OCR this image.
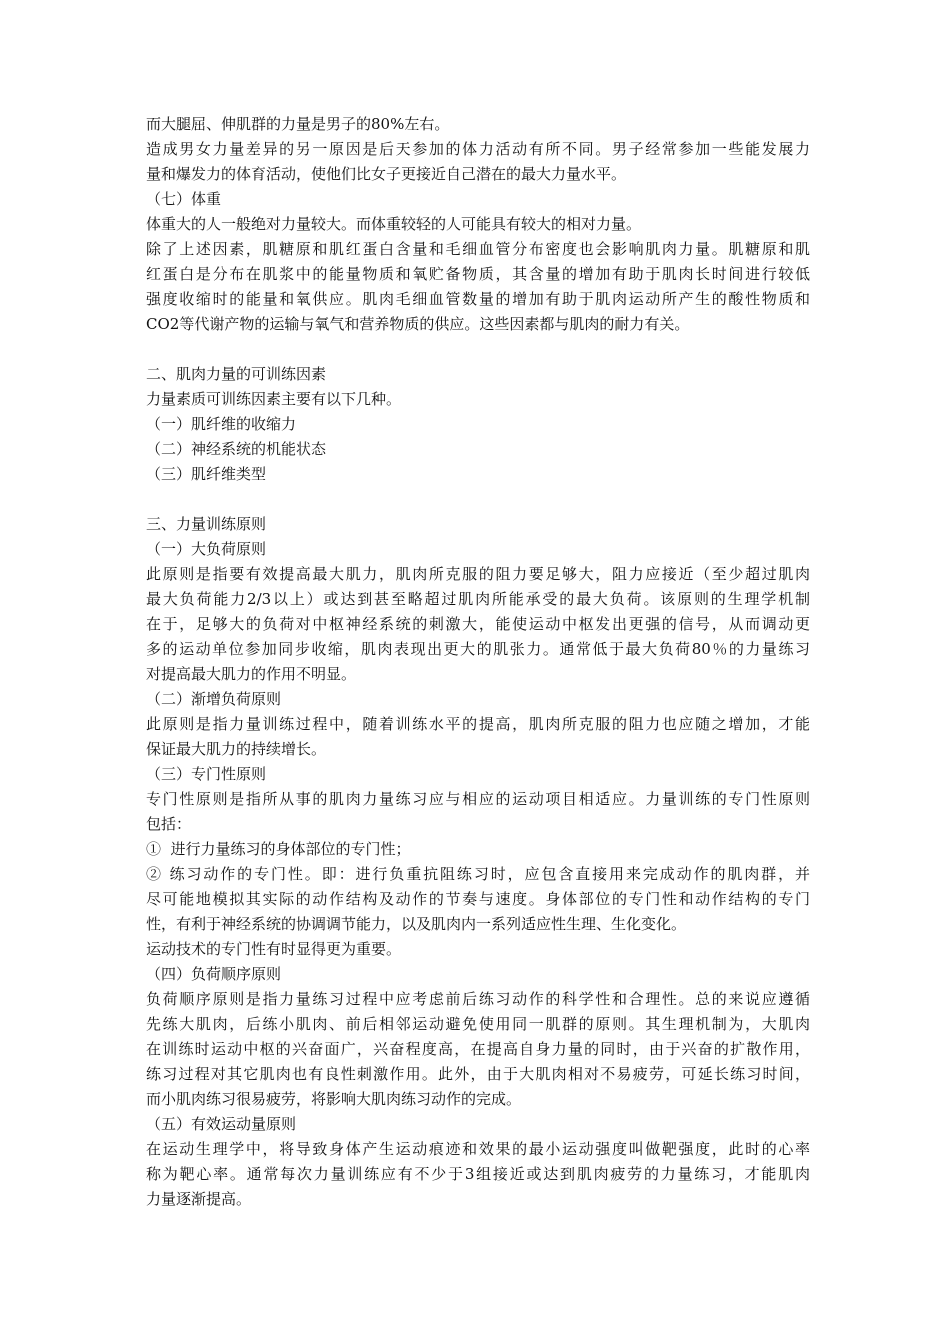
而大腿屈、伸肌群的力量是男子的80%左右。
造成男女力量差异的另一原因是后天参加的体力活动有所不同。男子经常参加一些能发展力
量和爆发力的体育活动，使他们比女子更接近自己潜在的最大力量水平。
（七）体重
体重大的人一般绝对力量较大。而体重较轻的人可能具有较大的相对力量。
除了上述因素，肌糖原和肌红蛋白含量和毛细血管分布密度也会影响肌肉力量。肌糖原和肌
红蛋白是分布在肌浆中的能量物质和氧贮备物质，其含量的增加有助于肌肉长时间进行较低
强度收缩时的能量和氧供应。肌肉毛细血管数量的增加有助于肌肉运动所产生的酸性物质和
CO2等代谢产物的运输与氧气和营养物质的供应。这些因素都与肌肉的耐力有关。
二、肌肉力量的可训练因素
力量素质可训练因素主要有以下几种。
（一）肌纤维的收缩力
（二）神经系统的机能状态
（三）肌纤维类型
三、力量训练原则
（一）大负荷原则
此原则是指要有效提高最大肌力，肌肉所克服的阻力要足够大，阻力应接近（至少超过肌肉
最大负荷能力2/3以上）或达到甚至略超过肌肉所能承受的最大负荷。该原则的生理学机制
在于，足够大的负荷对中枢神经系统的刺激大，能使运动中枢发出更强的信号，从而调动更
多的运动单位参加同步收缩，肌肉表现出更大的肌张力。通常低于最大负荷80％的力量练习
对提高最大肌力的作用不明显。
（二）渐增负荷原则
此原则是指力量训练过程中，随着训练水平的提高，肌肉所克服的阻力也应随之增加，才能
保证最大肌力的持续增长。
（三）专门性原则
专门性原则是指所从事的肌肉力量练习应与相应的运动项目相适应。力量训练的专门性原则
包括：
①  进行力量练习的身体部位的专门性；
② 练习动作的专门性。即：进行负重抗阻练习时，应包含直接用来完成动作的肌肉群，并
尽可能地模拟其实际的动作结构及动作的节奏与速度。身体部位的专门性和动作结构的专门
性，有利于神经系统的协调调节能力，以及肌肉内一系列适应性生理、生化变化。
运动技术的专门性有时显得更为重要。
（四）负荷顺序原则
负荷顺序原则是指力量练习过程中应考虑前后练习动作的科学性和合理性。总的来说应遵循
先练大肌肉，后练小肌肉、前后相邻运动避免使用同一肌群的原则。其生理机制为，大肌肉
在训练时运动中枢的兴奋面广，兴奋程度高，在提高自身力量的同时，由于兴奋的扩散作用，
练习过程对其它肌肉也有良性刺激作用。此外，由于大肌肉相对不易疲劳，可延长练习时间，
而小肌肉练习很易疲劳，将影响大肌肉练习动作的完成。
（五）有效运动量原则
在运动生理学中，将导致身体产生运动痕迹和效果的最小运动强度叫做靶强度，此时的心率
称为靶心率。通常每次力量训练应有不少于3组接近或达到肌肉疲劳的力量练习，才能肌肉
力量逐渐提高。
